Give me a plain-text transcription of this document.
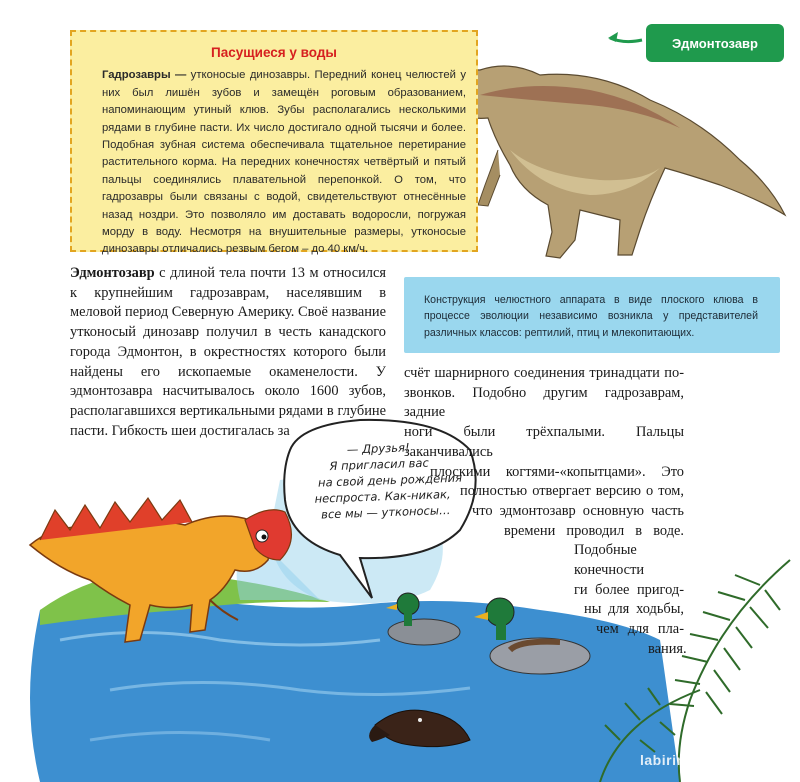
Пасущиеся у воды
Гадрозавры — утконосые динозавры. Передний конец челюстей у них был лишён зубов и замещён роговым образованием, напоминающим утиный клюв. Зубы располагались несколькими рядами в глубине пасти. Их число достигало одной тысячи и более. Подобная зубная система обеспечивала тщательное перетирание растительного корма. На передних конечностях четвёртый и пятый пальцы соединялись плавательной перепонкой. О том, что гадрозавры были связаны с водой, свидетельствуют отнесённые назад ноздри. Это позволяло им доставать водоросли, погружая морду в воду. Несмотря на внушительные размеры, утконосые динозавры отличались резвым бегом – до 40 км/ч.
Эдмонтозавр
Конструкция челюстного аппарата в виде плоского клюва в процессе эволюции независимо возникла у представителей различных классов: рептилий, птиц и млекопитающих.
Эдмонтозавр с длиной тела почти 13 м относился к крупнейшим гадрозаврам, населявшим в меловой период Северную Америку. Своё название утконосый динозавр получил в честь канадского города Эдмонтон, в окрестностях которого были найдены его ископаемые окаменелости. У эдмонтозавра насчитывалось около 1600 зубов, располагавшихся вертикальными рядами в глубине пасти. Гибкость шеи достигалась за
счёт шарнирного соединения тринадцати по-
звонков. Подобно другим гадрозаврам, задние
ноги были трёхпалыми. Пальцы заканчивались
плоскими когтями-«копытцами». Это
полностью отвергает версию о том,
что эдмонтозавр основную часть
времени проводил в воде.
Подобные конечности
ги более пригод-
ны для ходьбы,
чем для пла-
вания.
— Друзья!
Я пригласил вас
на свой день рождения
неспроста. Как-никак,
все мы — утконосы…
labirint.ru
